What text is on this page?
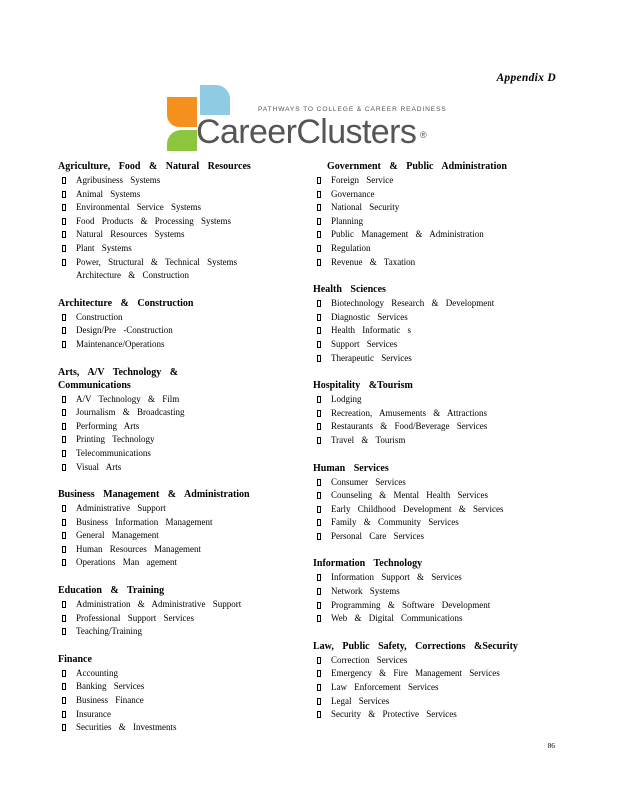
Appendix D
PATHWAYS TO COLLEGE & CAREER READINESS
CareerClusters ®
Agriculture, Food & Natural Resources
Agribusiness Systems
Animal Systems
Environmental Service Systems
Food Products & Processing Systems
Natural Resources Systems
Plant Systems
Power, Structural & Technical Systems
Architecture & Construction
Architecture & Construction
Construction
Design/Pre -Construction
Maintenance/Operations
Arts, A/V Technology &
Communications
A/V Technology & Film
Journalism & Broadcasting
Performing Arts
Printing Technology
Telecommunications
Visual Arts
Business Management & Administration
Administrative Support
Business Information Management
General Management
Human Resources Management
Operations Man agement
Education & Training
Administration & Administrative Support
Professional Support Services
Teaching/Training
Finance
Accounting
Banking Services
Business Finance
Insurance
Securities & Investments
Government & Public Administration
Foreign Service
Governance
National Security
Planning
Public Management & Administration
Regulation
Revenue & Taxation
Health Sciences
Biotechnology Research & Development
Diagnostic Services
Health Informatic s
Support Services
Therapeutic Services
Hospitality &Tourism
Lodging
Recreation, Amusements & Attractions
Restaurants & Food/Beverage Services
Travel & Tourism
Human Services
Consumer Services
Counseling & Mental Health Services
Early Childhood Development & Services
Family & Community Services
Personal Care Services
Information Technology
Information Support & Services
Network Systems
Programming & Software Development
Web & Digital Communications
Law, Public Safety, Corrections &Security
Correction Services
Emergency & Fire Management Services
Law Enforcement Services
Legal Services
Security & Protective Services
86
